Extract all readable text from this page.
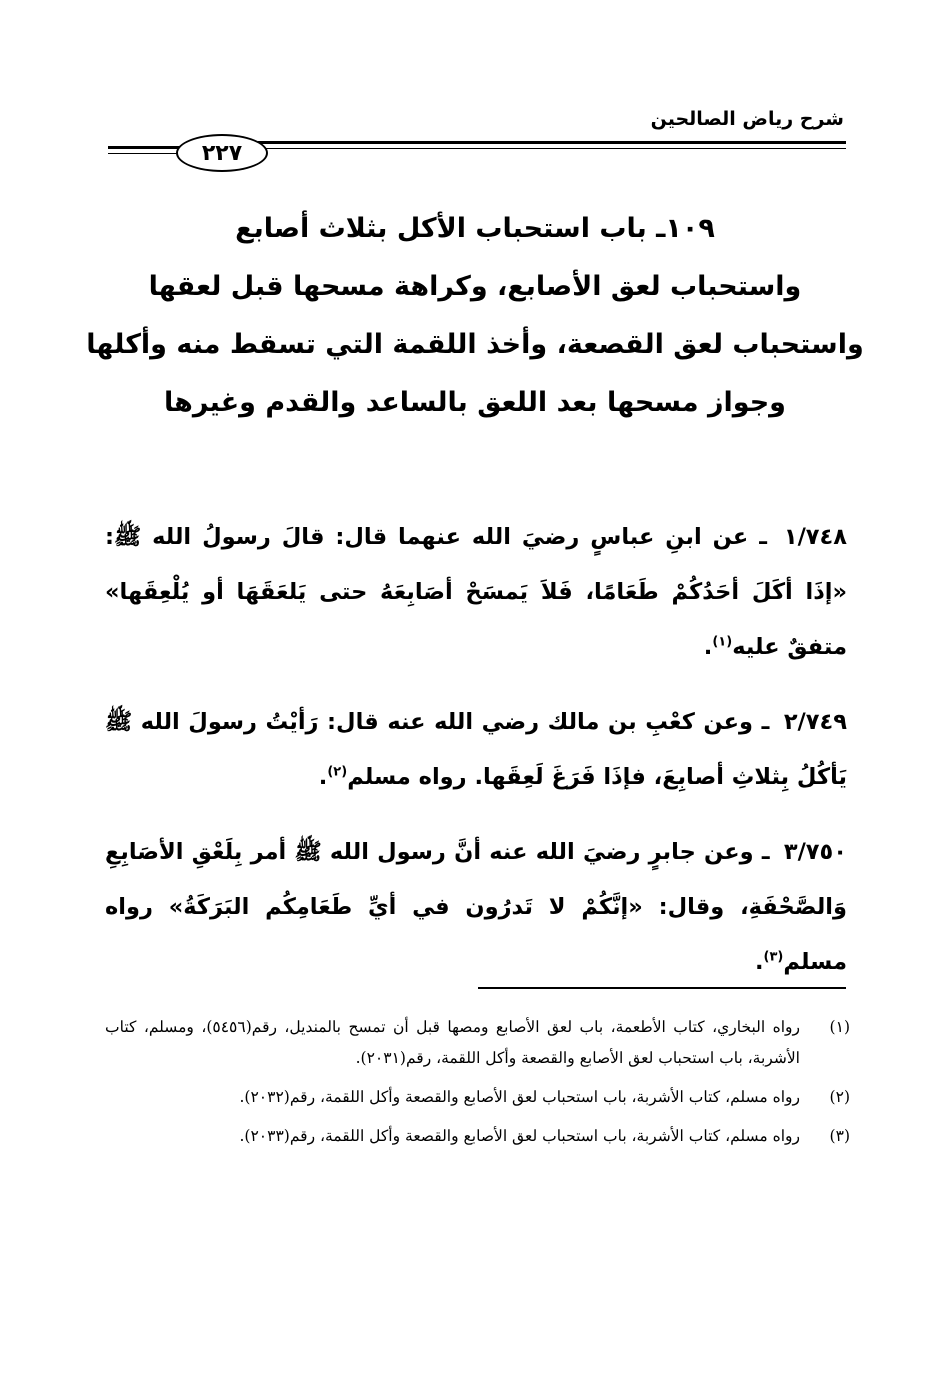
شرح رياض الصالحين
٢٢٧
١٠٩ـ باب استحباب الأكل بثلاث أصابع
واستحباب لعق الأصابع، وكراهة مسحها قبل لعقها
واستحباب لعق القصعة، وأخذ اللقمة التي تسقط منه وأكلها
وجواز مسحها بعد اللعق بالساعد والقدم وغيرها

١/٧٤٨ ـ عن ابنِ عباسٍ رضيَ الله عنهما قال: قالَ رسولُ الله ﷺ: «إذَا أكَلَ أحَدُكُمْ طَعَامًا، فَلاَ يَمسَحْ أصَابِعَهُ حتى يَلعَقَهَا أو يُلْعِقَها» متفقٌ عليه$^{(١)}$.

٢/٧٤٩ ـ وعن كعْبِ بن مالك رضي الله عنه قال: رَأيْتُ رسولَ الله ﷺ يَأكُلُ بِثلاثِ أصابِعَ، فإذَا فَرَغَ لَعِقَها. رواه مسلم$^{(٢)}$.

٣/٧٥٠ ـ وعن جابرٍ رضيَ الله عنه أنَّ رسول الله ﷺ أمر بِلَعْقِ الأصَابِعِ وَالصَّحْفَةِ، وقال: «إنَّكُمْ لا تَدرُون في أيِّ طَعَامِكُم البَرَكَةُ» رواه مسلم$^{(٣)}$.

(١)
رواه البخاري، كتاب الأطعمة، باب لعق الأصابع ومصها قبل أن تمسح بالمنديل، رقم(٥٤٥٦)، ومسلم، كتاب الأشربة، باب استحباب لعق الأصابع والقصعة وأكل اللقمة، رقم(٢٠٣١).
(٢)
رواه مسلم، كتاب الأشربة، باب استحباب لعق الأصابع والقصعة وأكل اللقمة، رقم(٢٠٣٢).
(٣)
رواه مسلم، كتاب الأشربة، باب استحباب لعق الأصابع والقصعة وأكل اللقمة، رقم(٢٠٣٣).
